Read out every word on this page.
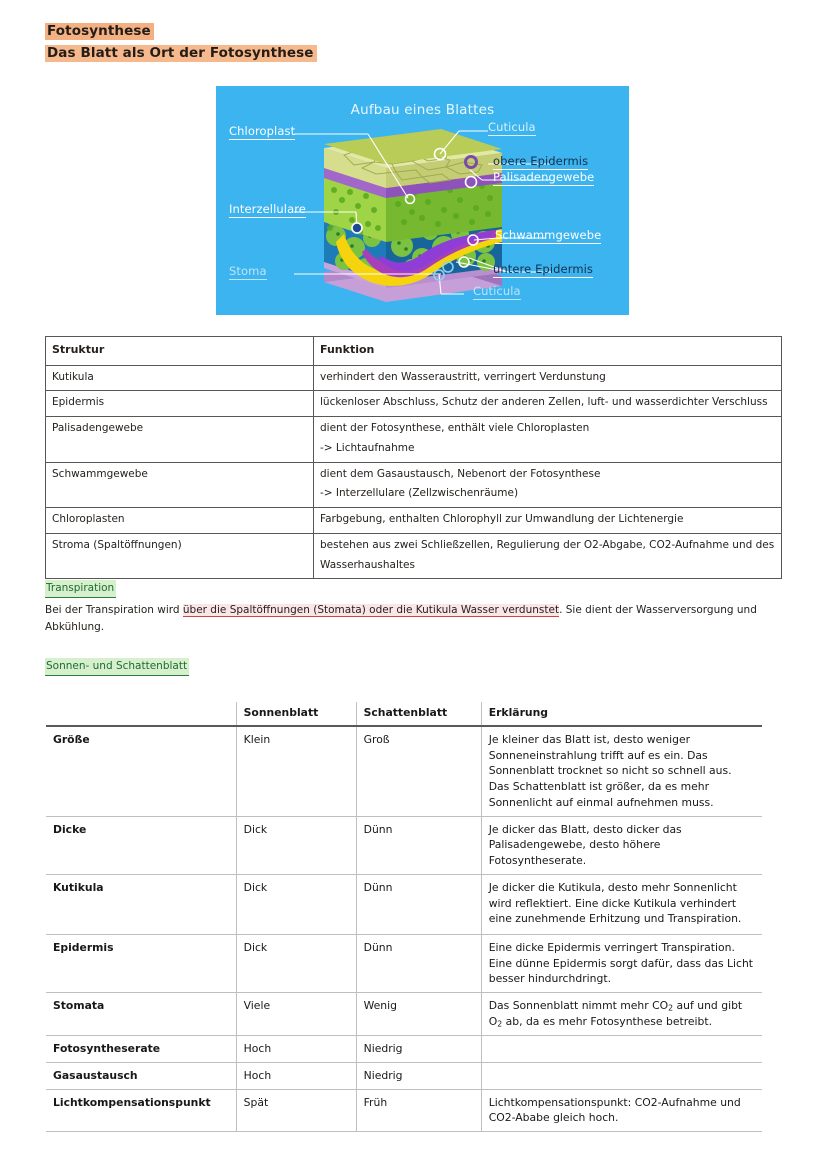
Fotosynthese
Das Blatt als Ort der Fotosynthese
Aufbau eines Blattes
Chloroplast
Interzellulare
Stoma
Cuticula
obere Epidermis
Palisadengewebe
Schwammgewebe
untere Epidermis
Cuticula
Struktur	Funktion
Kutikula	verhindert den Wasseraustritt, verringert Verdunstung
Epidermis	lückenloser Abschluss, Schutz der anderen Zellen, luft- und wasserdichter Verschluss
Palisadengewebe	dient der Fotosynthese, enthält viele Chloroplasten
-> Lichtaufnahme

Schwammgewebe	dient dem Gasaustausch, Nebenort der Fotosynthese
-> Interzellulare (Zellzwischenräume)

Chloroplasten	Farbgebung, enthalten Chlorophyll zur Umwandlung der Lichtenergie
Stroma (Spaltöffnungen)	bestehen aus zwei Schließzellen, Regulierung der O2-Abgabe, CO2-Aufnahme und des
Wasserhaushaltes
Transpiration
Bei der Transpiration wird über die Spaltöffnungen (Stomata) oder die Kutikula Wasser verdunstet. Sie dient der Wasserversorgung und Abkühlung.
Sonnen- und Schattenblatt
	Sonnenblatt	Schattenblatt	Erklärung
Größe	Klein	Groß	Je kleiner das Blatt ist, desto weniger Sonneneinstrahlung trifft auf es ein. Das Sonnenblatt trocknet so nicht so schnell aus. Das Schattenblatt ist größer, da es mehr Sonnenlicht auf einmal aufnehmen muss.
Dicke	Dick	Dünn	Je dicker das Blatt, desto dicker das Palisadengewebe, desto höhere Fotosyntheserate.
Kutikula	Dick	Dünn	Je dicker die Kutikula, desto mehr Sonnenlicht wird reflektiert. Eine dicke Kutikula verhindert eine zunehmende Erhitzung und Transpiration.
Epidermis	Dick	Dünn	Eine dicke Epidermis verringert Transpiration. Eine dünne Epidermis sorgt dafür, dass das Licht besser hindurchdringt.
Stomata	Viele	Wenig	Das Sonnenblatt nimmt mehr $CO_2$ auf und gibt $O_2$ ab, da es mehr Fotosynthese betreibt.
Fotosyntheserate	Hoch	Niedrig	
Gasaustausch	Hoch	Niedrig	
Lichtkompensationspunkt	Spät	Früh	Lichtkompensationspunkt: CO2-Aufnahme und CO2-Ababe gleich hoch.
